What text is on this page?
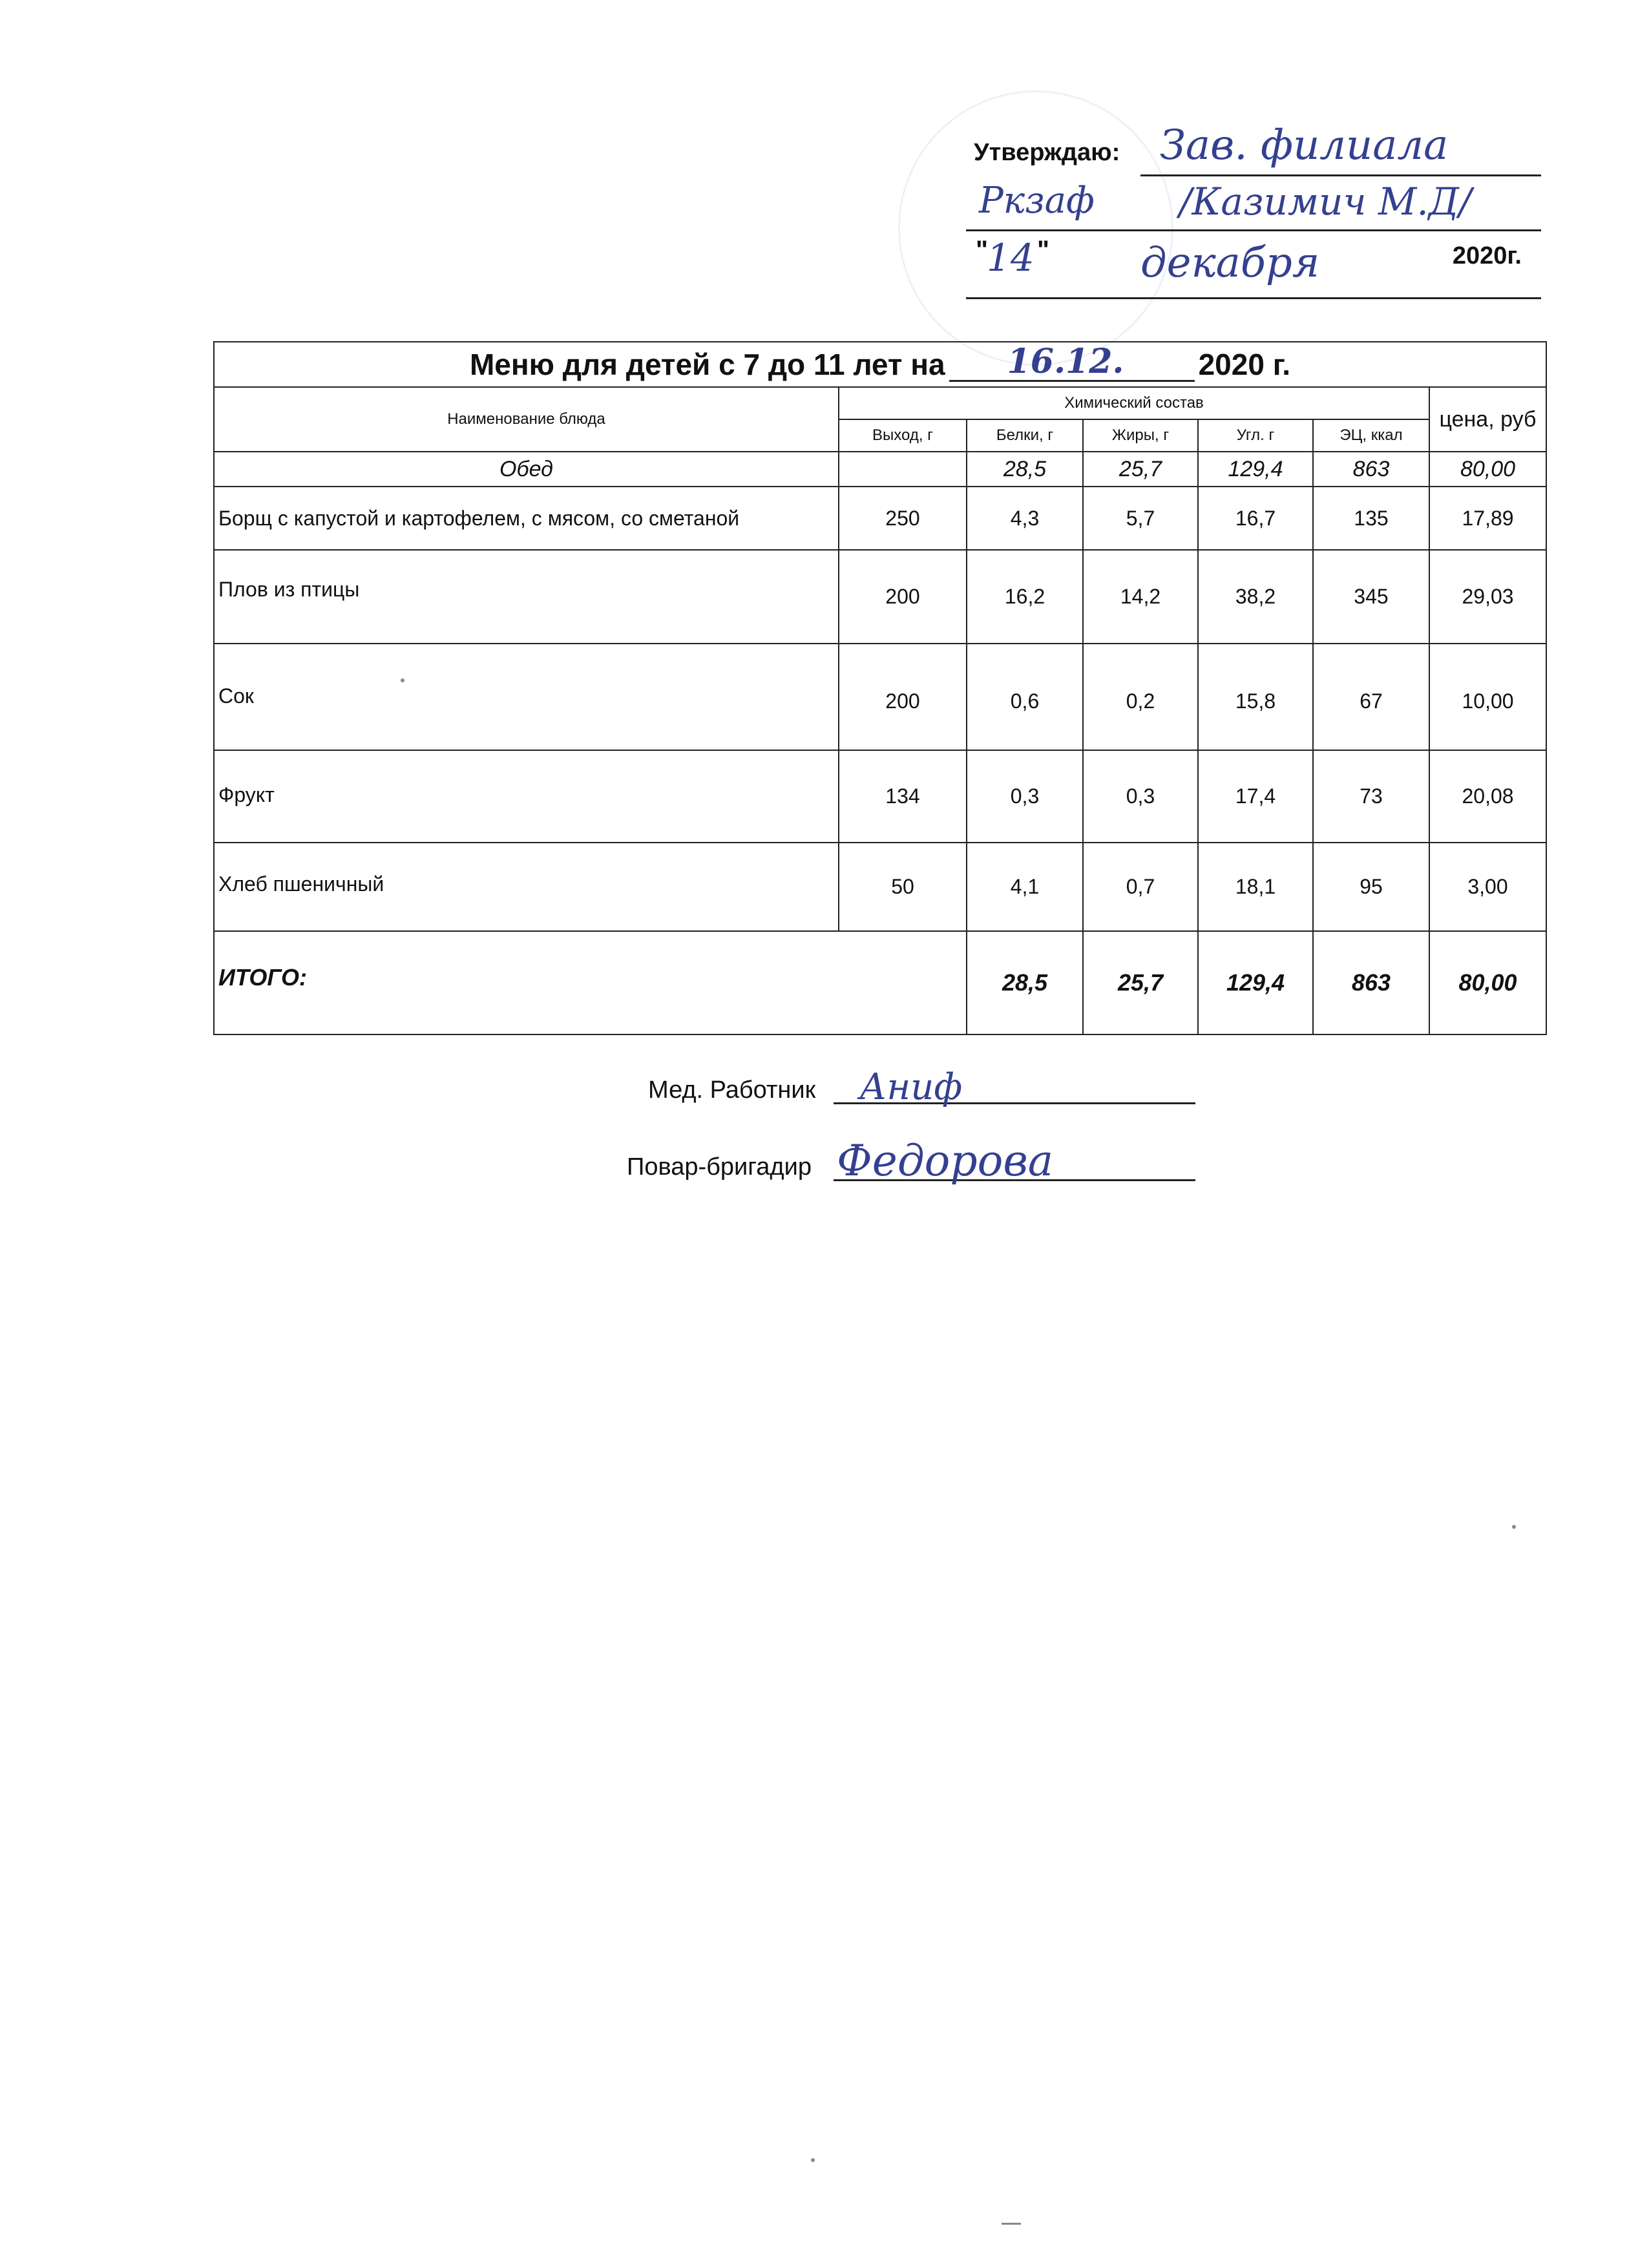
Утверждаю: Зав. филиала
Ркзаф /Казимич М.Д/
"
14 " декабря	2020г.
Меню для детей с 7 до 11 лет на 16.12. 2020 г.						
Наименование блюда	Химический состав					цена, руб
	Выход, г	Белки, г	Жиры, г	Угл. г	ЭЦ, ккал	
Обед		28,5	25,7	129,4	863	80,00
Борщ с капустой и картофелем, с мясом, со сметаной	250	4,3	5,7	16,7	135	17,89
Плов из птицы	200	16,2	14,2	38,2	345	29,03
Сок	200	0,6	0,2	15,8	67	10,00
Фрукт	134	0,3	0,3	17,4	73	20,08
Хлеб пшеничный	50	4,1	0,7	18,1	95	3,00
ИТОГО:		28,5	25,7	129,4	863	80,00
Мед. Работник Аниф
Повар-бригадир Федорова
